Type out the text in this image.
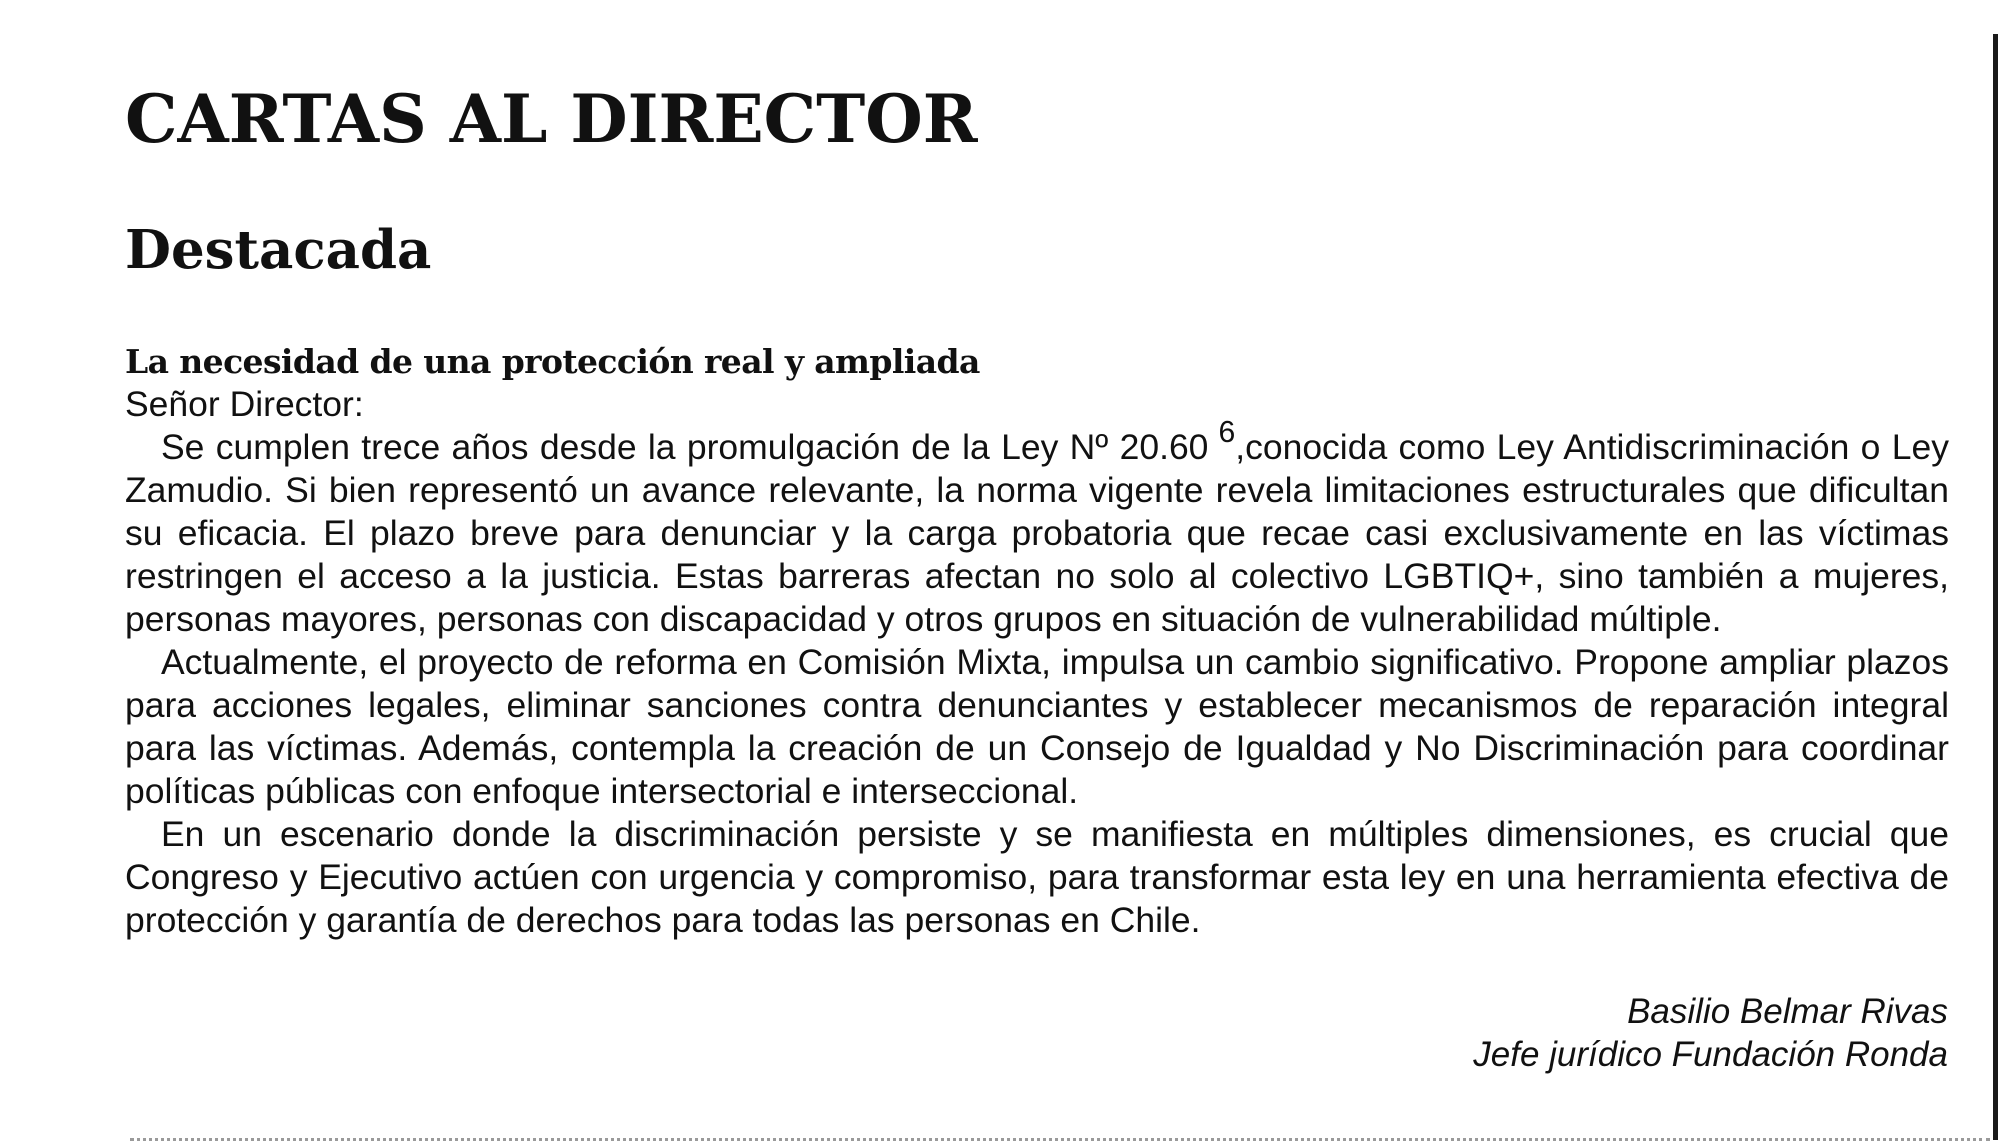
CARTAS AL DIRECTOR
Destacada
La necesidad de una protección real y ampliada

Señor Director:

Se cumplen trece años desde la promulgación de la Ley Nº 20.60 $^6$,conocida como Ley Antidiscriminación o Ley Zamudio. Si bien representó un avance relevante, la norma vigente revela limitaciones estructurales que dificultan su eficacia. El plazo breve para denunciar y la carga probatoria que recae casi exclusivamente en las víctimas restringen el acceso a la justicia. Estas barreras afectan no solo al colectivo LGBTIQ+, sino también a mujeres, personas mayores, personas con discapacidad y otros grupos en situación de vulnerabilidad múltiple.

Actualmente, el proyecto de reforma en Comisión Mixta, impulsa un cambio significativo. Propone ampliar plazos para acciones legales, eliminar sanciones contra denunciantes y establecer mecanismos de reparación integral para las víctimas. Además, contempla la creación de un Consejo de Igualdad y No Discriminación para coordinar políticas públicas con enfoque intersectorial e interseccional.

En un escenario donde la discriminación persiste y se manifiesta en múltiples dimensiones, es crucial que Congreso y Ejecutivo actúen con urgencia y compromiso, para transformar esta ley en una herramienta efectiva de protección y garantía de derechos para todas las personas en Chile.

Basilio Belmar Rivas
Jefe jurídico Fundación Ronda
